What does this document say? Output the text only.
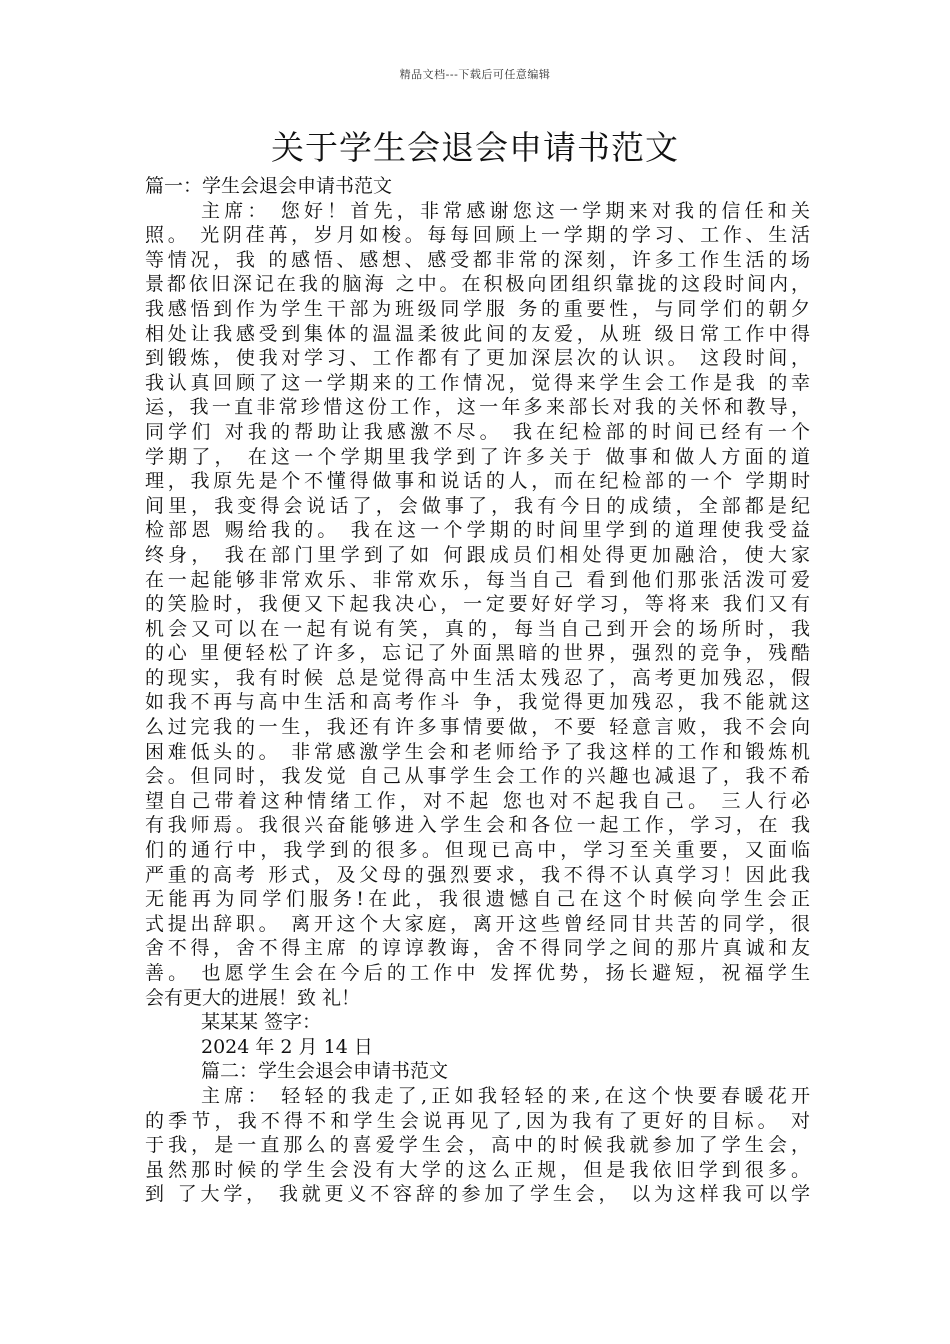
精品文档---下载后可任意编辑
关于学生会退会申请书范文
篇一：学生会退会申请书范文
主席： 您好！首先，非常感谢您这一学期来对我的信任和关
照。 光阴荏苒，岁月如梭。每每回顾上一学期的学习、工作、生活
等情况，我 的感悟、感想、感受都非常的深刻，许多工作生活的场
景都依旧深记在我的脑海 之中。在积极向团组织靠拢的这段时间内，
我感悟到作为学生干部为班级同学服 务的重要性，与同学们的朝夕
相处让我感受到集体的温温柔彼此间的友爱，从班 级日常工作中得
到锻炼，使我对学习、工作都有了更加深层次的认识。 这段时间，
我认真回顾了这一学期来的工作情况，觉得来学生会工作是我 的幸
运，我一直非常珍惜这份工作，这一年多来部长对我的关怀和教导，
同学们 对我的帮助让我感激不尽。 我在纪检部的时间已经有一个
学期了， 在这一个学期里我学到了许多关于 做事和做人方面的道
理，我原先是个不懂得做事和说话的人，而在纪检部的一个 学期时
间里，我变得会说话了，会做事了，我有今日的成绩，全部都是纪
检部恩 赐给我的。 我在这一个学期的时间里学到的道理使我受益
终身， 我在部门里学到了如 何跟成员们相处得更加融洽，使大家
在一起能够非常欢乐、非常欢乐，每当自己 看到他们那张活泼可爱
的笑脸时，我便又下起我决心，一定要好好学习，等将来 我们又有
机会又可以在一起有说有笑，真的，每当自己到开会的场所时，我
的心 里便轻松了许多，忘记了外面黑暗的世界，强烈的竞争，残酷
的现实，我有时候 总是觉得高中生活太残忍了，高考更加残忍，假
如我不再与高中生活和高考作斗 争，我觉得更加残忍，我不能就这
么过完我的一生，我还有许多事情要做，不要 轻意言败，我不会向
困难低头的。 非常感激学生会和老师给予了我这样的工作和锻炼机
会。但同时，我发觉 自己从事学生会工作的兴趣也减退了，我不希
望自己带着这种情绪工作，对不起 您也对不起我自己。 三人行必
有我师焉。我很兴奋能够进入学生会和各位一起工作，学习，在 我
们的通行中，我学到的很多。但现已高中，学习至关重要，又面临
严重的高考 形式，及父母的强烈要求，我不得不认真学习！因此我
无能再为同学们服务!在此，我很遗憾自己在这个时候向学生会正
式提出辞职。 离开这个大家庭，离开这些曾经同甘共苦的同学，很
舍不得，舍不得主席 的谆谆教诲，舍不得同学之间的那片真诚和友
善。 也愿学生会在今后的工作中 发挥优势，扬长避短，祝福学生
会有更大的进展！致 礼！
某某某 签字：
2024 年 2 月 14 日
篇二：学生会退会申请书范文
主席： 轻轻的我走了,正如我轻轻的来,在这个快要春暖花开
的季节，我不得不和学生会说再见了,因为我有了更好的目标。 对
于我，是一直那么的喜爱学生会，高中的时候我就参加了学生会，
虽然那时候的学生会没有大学的这么正规，但是我依旧学到很多。
到 了大学， 我就更义不容辞的参加了学生会， 以为这样我可以学
